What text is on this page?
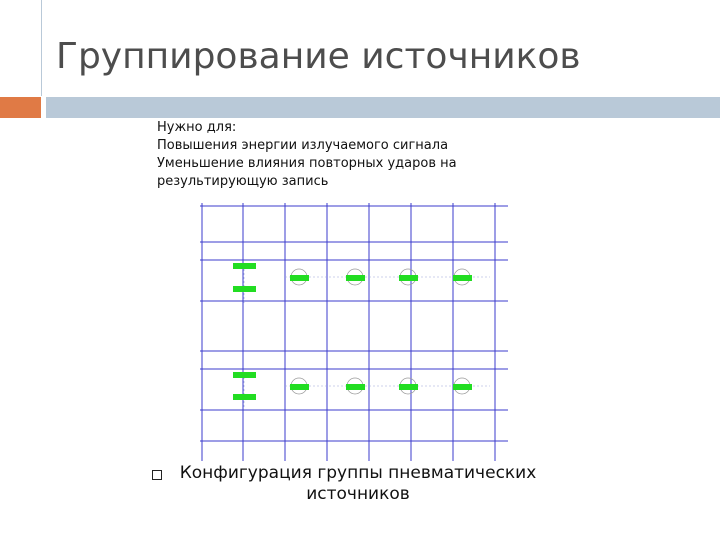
Группирование источников
Нужно для:
Повышения энергии излучаемого сигнала
Уменьшение влияния повторных ударов на
результирующую запись
Конфигурация группы пневматических
источников
